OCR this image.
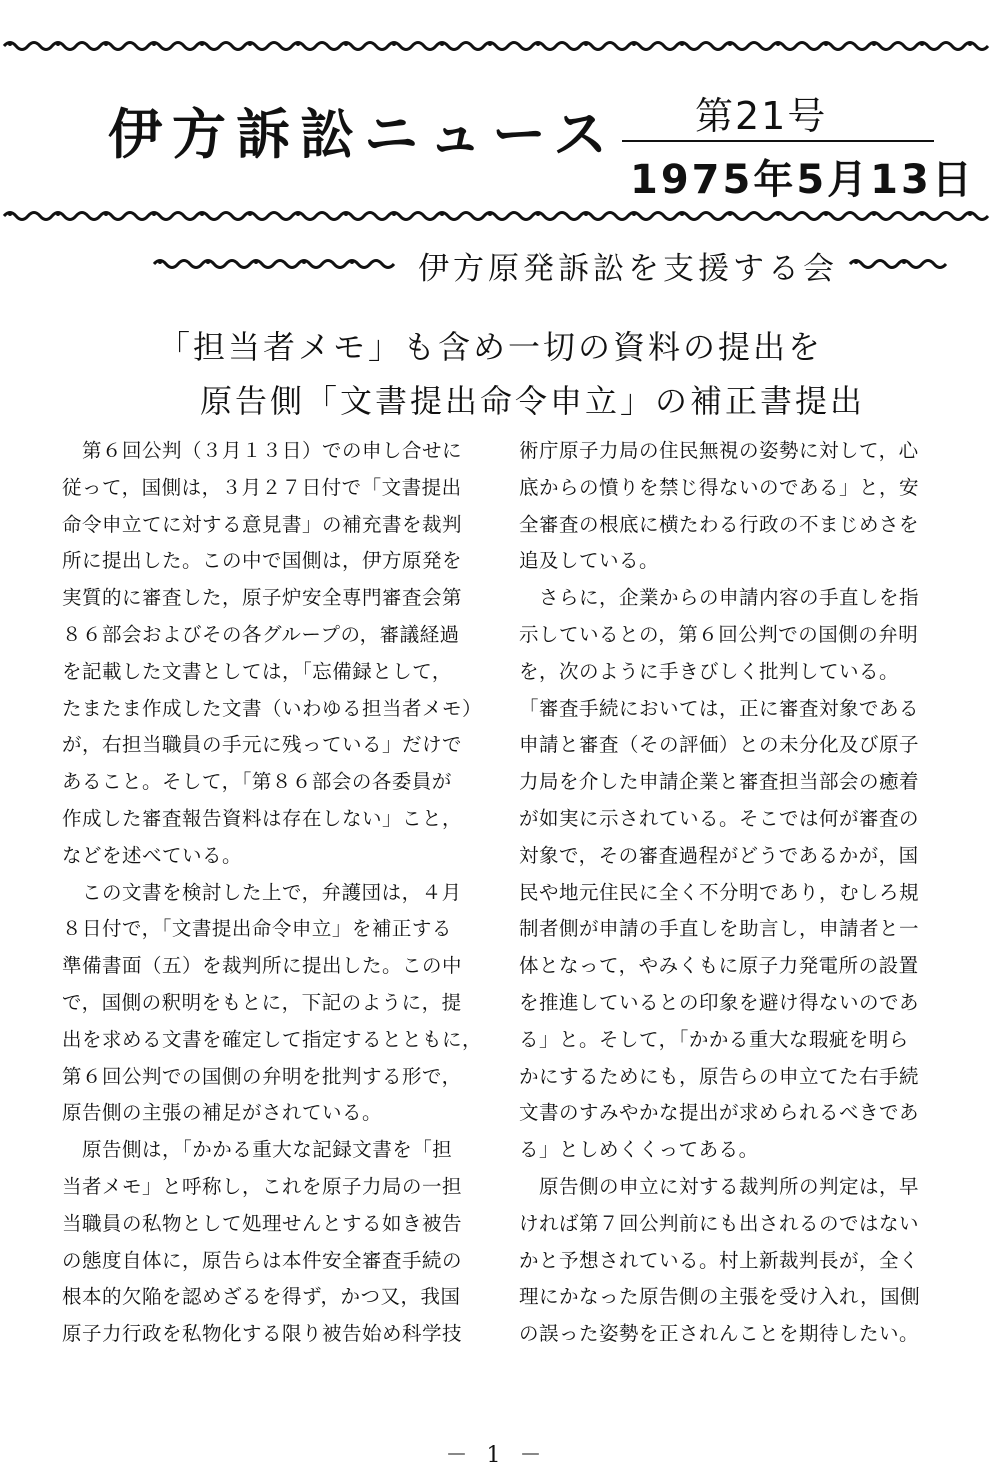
伊方訴訟ニュース 第21号
1975年5月13日
伊方原発訴訟を支援する会
「担当者メモ」も含め一切の資料の提出を
原告側「文書提出命令申立」の補正書提出
　第６回公判（３月１３日）での申し合せに
従って，国側は，３月２７日付で「文書提出
命令申立てに対する意見書」の補充書を裁判
所に提出した。この中で国側は，伊方原発を
実質的に審査した，原子炉安全専門審査会第
８６部会およびその各グループの，審議経過
を記載した文書としては，「忘備録として，
たまたま作成した文書（いわゆる担当者メモ）
が，右担当職員の手元に残っている」だけで
あること。そして，「第８６部会の各委員が
作成した審査報告資料は存在しない」こと，
などを述べている。
　この文書を検討した上で，弁護団は，４月
８日付で，「文書提出命令申立」を補正する
準備書面（五）を裁判所に提出した。この中
で，国側の釈明をもとに，下記のように，提
出を求める文書を確定して指定するとともに，
第６回公判での国側の弁明を批判する形で，
原告側の主張の補足がされている。
　原告側は，「かかる重大な記録文書を「担
当者メモ」と呼称し，これを原子力局の一担
当職員の私物として処理せんとする如き被告
の態度自体に，原告らは本件安全審査手続の
根本的欠陥を認めざるを得ず，かつ又，我国
原子力行政を私物化する限り被告始め科学技
術庁原子力局の住民無視の姿勢に対して，心
底からの憤りを禁じ得ないのである」と，安
全審査の根底に横たわる行政の不まじめさを
追及している。
　さらに，企業からの申請内容の手直しを指
示しているとの，第６回公判での国側の弁明
を，次のように手きびしく批判している。
「審査手続においては，正に審査対象である
申請と審査（その評価）との未分化及び原子
力局を介した申請企業と審査担当部会の癒着
が如実に示されている。そこでは何が審査の
対象で，その審査過程がどうであるかが，国
民や地元住民に全く不分明であり，むしろ規
制者側が申請の手直しを助言し，申請者と一
体となって，やみくもに原子力発電所の設置
を推進しているとの印象を避け得ないのであ
る」と。そして，「かかる重大な瑕疵を明ら
かにするためにも，原告らの申立てた右手続
文書のすみやかな提出が求められるべきであ
る」としめくくってある。
　原告側の申立に対する裁判所の判定は，早
ければ第７回公判前にも出されるのではない
かと予想されている。村上新裁判長が，全く
理にかなった原告側の主張を受け入れ，国側
の誤った姿勢を正されんことを期待したい。
－ 1 －
